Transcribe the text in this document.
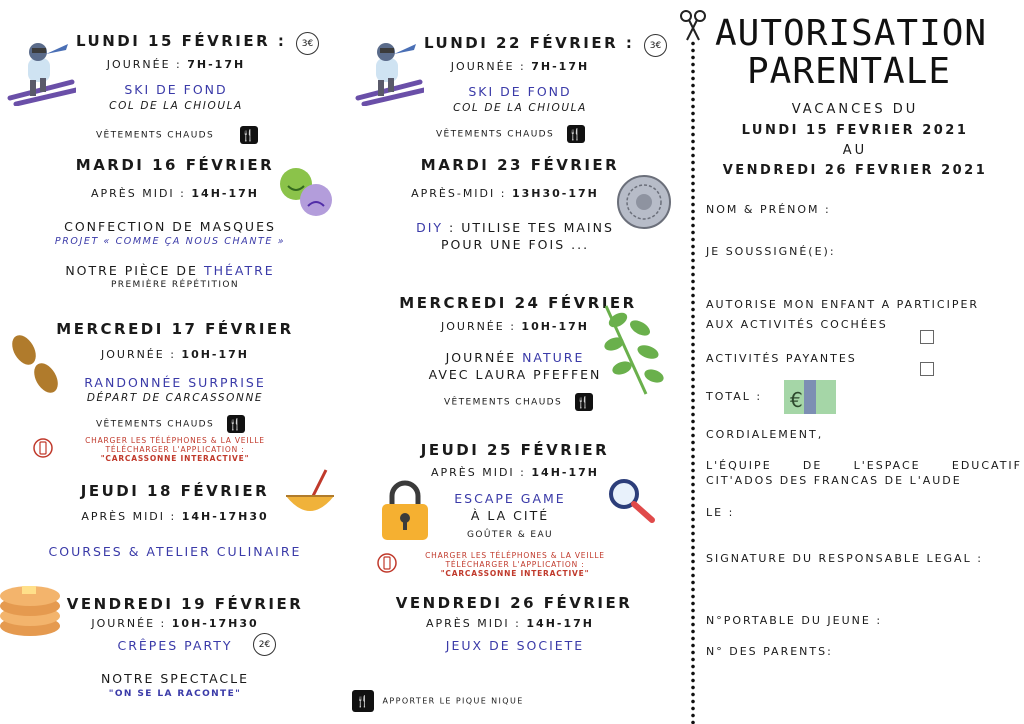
LUNDI 15 FÉVRIER :	3€
JOURNÉE : 7H-17H
SKI DE FOND
COL DE LA CHIOULA
VÊTEMENTS CHAUDS 🍴
MARDI 16 FÉVRIER
APRÈS MIDI : 14H-17H
CONFECTION DE MASQUES
PROJET « COMME ÇA NOUS CHANTE »
NOTRE PIÈCE DE THÉATRE
PREMIÈRE RÉPÉTITION
MERCREDI 17 FÉVRIER
JOURNÉE : 10H-17H
RANDONNÉE SURPRISE
DÉPART DE CARCASSONNE
VÊTEMENTS CHAUDS 🍴
CHARGER LES TÉLÉPHONES & LA VEILLE
TÉLÉCHARGER L'APPLICATION :
"CARCASSONNE INTERACTIVE"
JEUDI 18 FÉVRIER
APRÈS MIDI : 14H-17H30
COURSES & ATELIER CULINAIRE
VENDREDI 19 FÉVRIER
JOURNÉE : 10H-17H30
CRÊPES PARTY	2€
NOTRE SPECTACLE
"ON SE LA RACONTE"
LUNDI 22 FÉVRIER :	3€
JOURNÉE : 7H-17H
SKI DE FOND
COL DE LA CHIOULA
VÊTEMENTS CHAUDS 🍴
MARDI 23 FÉVRIER
APRÈS-MIDI : 13H30-17H
DIY : UTILISE TES MAINS
POUR UNE FOIS ...
MERCREDI 24 FÉVRIER
JOURNÉE : 10H-17H
JOURNÉE NATURE
AVEC LAURA PFEFFEN
VÊTEMENTS CHAUDS 🍴
JEUDI 25 FÉVRIER
APRÈS MIDI : 14H-17H
ESCAPE GAME
À LA CITÉ
GOÛTER & EAU
CHARGER LES TÉLÉPHONES & LA VEILLE
TÉLÉCHARGER L'APPLICATION :
"CARCASSONNE INTERACTIVE"
VENDREDI 26 FÉVRIER
APRÈS MIDI : 14H-17H
JEUX DE SOCIETE
🍴 APPORTER LE PIQUE NIQUE
AUTORISATION
PARENTALE
VACANCES DU
LUNDI 15 FEVRIER 2021
AU
VENDREDI 26 FEVRIER 2021
NOM & PRÉNOM :
JE SOUSSIGNÉ(E):
AUTORISE MON ENFANT A PARTICIPER
AUX ACTIVITÉS COCHÉES
ACTIVITÉS PAYANTES
TOTAL : €
CORDIALEMENT,
L'ÉQUIPE DE L'ESPACE EDUCATIF
CIT'ADOS DES FRANCAS DE L'AUDE
LE :
SIGNATURE DU RESPONSABLE LEGAL :
N°PORTABLE DU JEUNE :
N° DES PARENTS:
